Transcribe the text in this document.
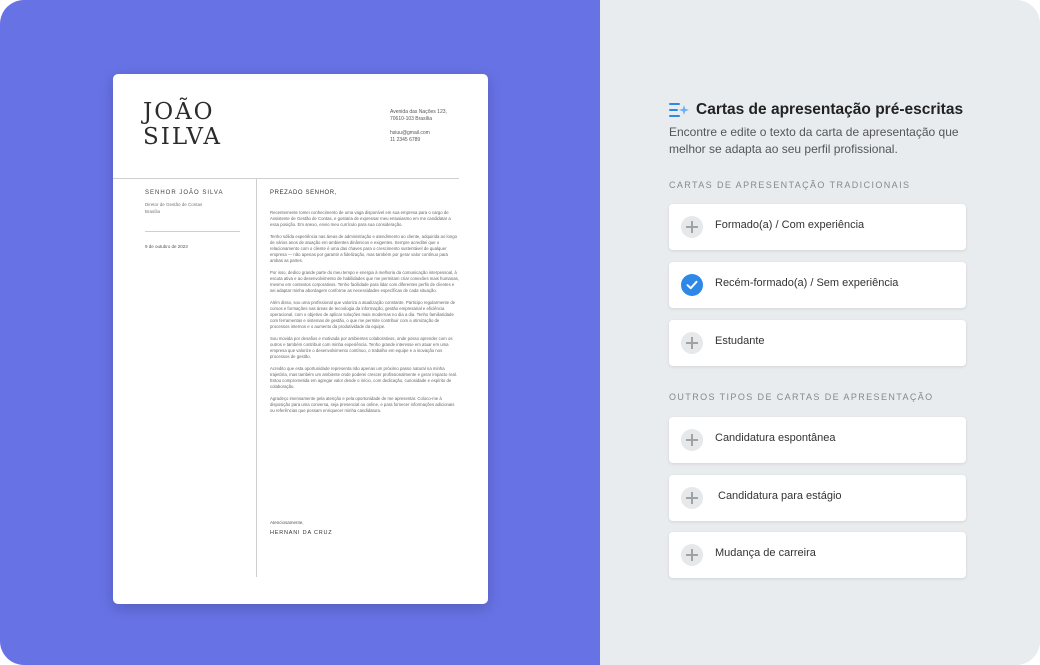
JOÃO
SILVA
Avenida das Nações 123,
70610-103 Brasília
hsiuu@gmail.com
11 2345 6789
SENHOR JOÃO SILVA
Diretor de Gestão de Contas
Brasília
9 de outubro de 2023
PREZADO SENHOR,

Recentemente tomei conhecimento de uma vaga disponível em sua empresa para o cargo de Assistente de Gestão de Contas, e gostaria de expressar meu entusiasmo em me candidatar a essa posição. Em anexo, envio meu currículo para sua consideração.

Tenho sólida experiência nas áreas de administração e atendimento ao cliente, adquirida ao longo de vários anos de atuação em ambientes dinâmicos e exigentes. Sempre acreditei que o relacionamento com o cliente é uma das chaves para o crescimento sustentável de qualquer empresa — não apenas por garantir a fidelização, mas também por gerar valor contínuo para ambas as partes.

Por isso, dedico grande parte do meu tempo e energia à melhoria da comunicação interpessoal, à escuta ativa e ao desenvolvimento de habilidades que me permitam criar conexões mais humanas, mesmo em contextos corporativos. Tenho facilidade para lidar com diferentes perfis de clientes e sei adaptar minha abordagem conforme as necessidades específicas de cada situação.

Além disso, sou uma profissional que valoriza a atualização constante. Participo regularmente de cursos e formações nas áreas de tecnologia da informação, gestão empresarial e eficiência operacional, com o objetivo de aplicar soluções mais modernas no dia a dia. Tenho familiaridade com ferramentas e sistemas de gestão, o que me permite contribuir com a otimização de processos internos e o aumento da produtividade da equipe.

Sou movida por desafios e motivada por ambientes colaborativos, onde posso aprender com os outros e também contribuir com minha experiência. Tenho grande interesse em atuar em uma empresa que valorize o desenvolvimento contínuo, o trabalho em equipe e a inovação nos processos de gestão.

Acredito que esta oportunidade representa não apenas um próximo passo natural na minha trajetória, mas também um ambiente onde poderei crescer profissionalmente e gerar impacto real. Estou comprometida em agregar valor desde o início, com dedicação, curiosidade e espírito de colaboração.

Agradeço imensamente pela atenção e pela oportunidade de me apresentar. Coloco-me à disposição para uma conversa, seja presencial ou online, e para fornecer informações adicionais ou referências que possam enriquecer minha candidatura.

Atenciosamente,
HERNANI DA CRUZ
Cartas de apresentação pré-escritas
Encontre e edite o texto da carta de apresentação que melhor se adapta ao seu perfil profissional.
CARTAS DE APRESENTAÇÃO TRADICIONAIS
Formado(a) / Com experiência
Recém-formado(a) / Sem experiência
Estudante
OUTROS TIPOS DE CARTAS DE APRESENTAÇÃO
Candidatura espontânea
Candidatura para estágio
Mudança de carreira
